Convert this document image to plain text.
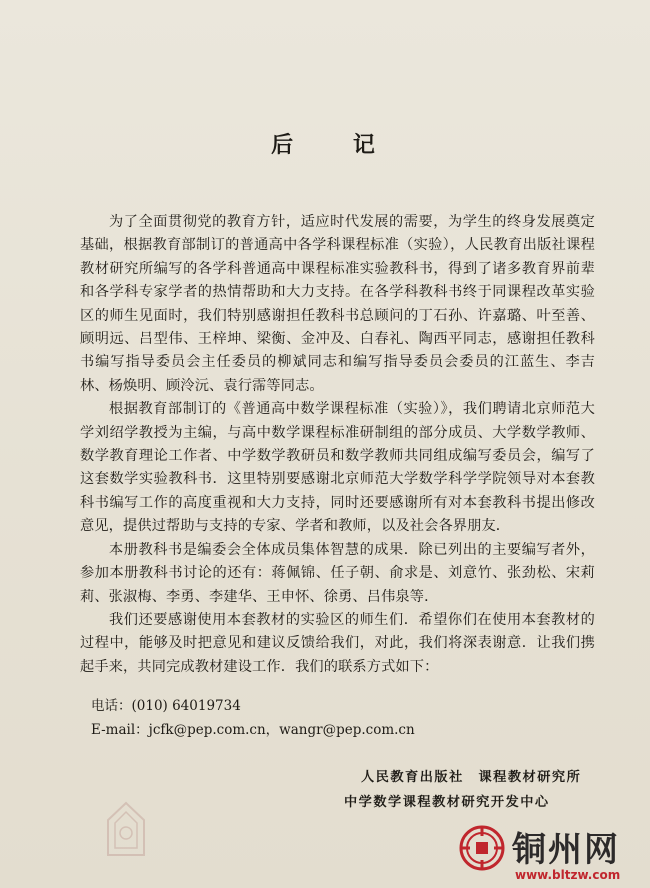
后 记

为了全面贯彻党的教育方针，适应时代发展的需要，为学生的终身发展奠定基础，根据教育部制订的普通高中各学科课程标准（实验），人民教育出版社课程教材研究所编写的各学科普通高中课程标准实验教科书，得到了诸多教育界前辈和各学科专家学者的热情帮助和大力支持。在各学科教科书终于同课程改革实验区的师生见面时，我们特别感谢担任教科书总顾问的丁石孙、许嘉璐、叶至善、顾明远、吕型伟、王梓坤、梁衡、金冲及、白春礼、陶西平同志，感谢担任教科书编写指导委员会主任委员的柳斌同志和编写指导委员会委员的江蓝生、李吉林、杨焕明、顾泠沅、袁行霈等同志。

根据教育部制订的《普通高中数学课程标准（实验）》，我们聘请北京师范大学刘绍学教授为主编，与高中数学课程标准研制组的部分成员、大学数学教师、数学教育理论工作者、中学数学教研员和数学教师共同组成编写委员会，编写了这套数学实验教科书．这里特别要感谢北京师范大学数学科学学院领导对本套教科书编写工作的高度重视和大力支持，同时还要感谢所有对本套教科书提出修改意见，提供过帮助与支持的专家、学者和教师，以及社会各界朋友．

本册教科书是编委会全体成员集体智慧的成果．除已列出的主要编写者外，参加本册教科书讨论的还有：蒋佩锦、任子朝、俞求是、刘意竹、张劲松、宋莉莉、张淑梅、李勇、李建华、王申怀、徐勇、吕伟泉等．

我们还要感谢使用本套教材的实验区的师生们．希望你们在使用本套教材的过程中，能够及时把意见和建议反馈给我们，对此，我们将深表谢意．让我们携起手来，共同完成教材建设工作．我们的联系方式如下：

电话：(010) 64019734
E-mail：jcfk@pep.com.cn，wangr@pep.com.cn
人民教育出版社　课程教材研究所
中学数学课程教材研究开发中心
铜州网
www.bltzw.com
